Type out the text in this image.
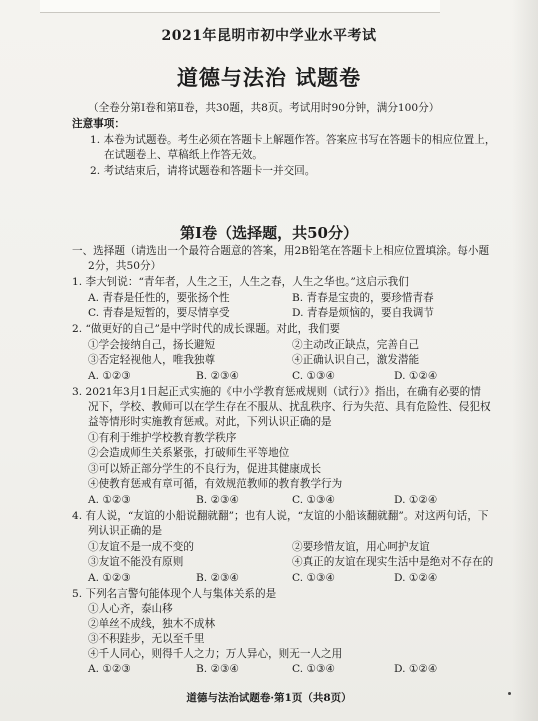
2021年昆明市初中学业水平考试
道德与法治 试题卷
（全卷分第Ⅰ卷和第Ⅱ卷，共30题，共8页。考试用时90分钟，满分100分）
注意事项：
1. 本卷为试题卷。考生必须在答题卡上解题作答。答案应书写在答题卡的相应位置上，
在试题卷上、草稿纸上作答无效。
2. 考试结束后，请将试题卷和答题卡一并交回。
第Ⅰ卷（选择题，共50分）
一、选择题（请选出一个最符合题意的答案，用2B铅笔在答题卡上相应位置填涂。每小题
2分，共50分）
1. 李大钊说：“青年者，人生之王，人生之春，人生之华也。”这启示我们
A. 青春是任性的，要张扬个性	B. 青春是宝贵的，要珍惜青春
C. 青春是短暂的，要尽情享受	D. 青春是烦恼的，要自我调节
2. “做更好的自己”是中学时代的成长课题。对此，我们要
①学会接纳自己，扬长避短	②主动改正缺点，完善自己
③否定轻视他人，唯我独尊	④正确认识自己，激发潜能
A. ①②③	B. ②③④	C. ①③④	D. ①②④
3. 2021年3月1日起正式实施的《中小学教育惩戒规则（试行）》指出，在确有必要的情
况下，学校、教师可以在学生存在不服从、扰乱秩序、行为失范、具有危险性、侵犯权
益等情形时实施教育惩戒。对此，下列认识正确的是
①有利于维护学校教育教学秩序
②会造成师生关系紧张，打破师生平等地位
③可以矫正部分学生的不良行为，促进其健康成长
④使教育惩戒有章可循，有效规范教师的教育教学行为
A. ①②③	B. ②③④	C. ①③④	D. ①②④
4. 有人说，“友谊的小船说翻就翻”；也有人说，“友谊的小船该翻就翻”。对这两句话，下
列认识正确的是
①友谊不是一成不变的	②要珍惜友谊，用心呵护友谊
③友谊不能没有原则	④真正的友谊在现实生活中是绝对不存在的
A. ①②③	B. ②③④	C. ①③④	D. ①②④
5. 下列名言警句能体现个人与集体关系的是
①人心齐，泰山移
②单丝不成线，独木不成林
③不积跬步，无以至千里
④千人同心，则得千人之力；万人异心，则无一人之用
A. ①②③	B. ②③④	C. ①③④	D. ①②④
道德与法治试题卷·第1页（共8页）
